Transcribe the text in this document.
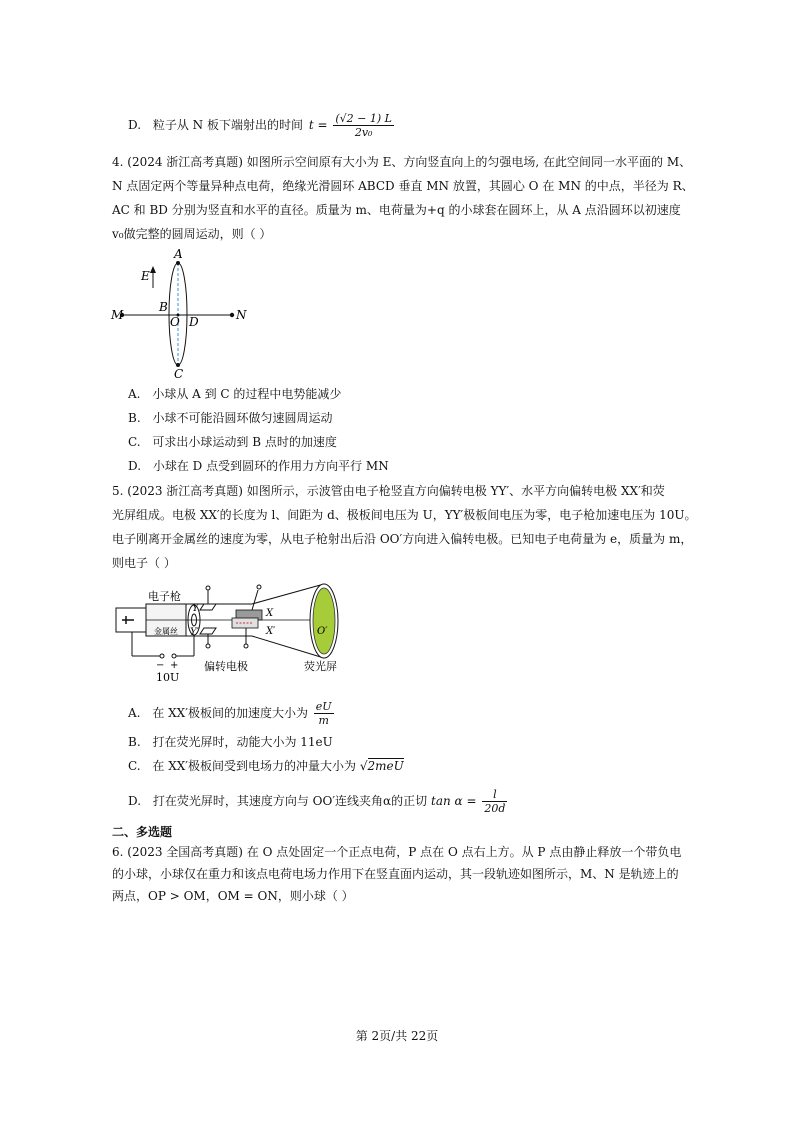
D. 粒子从 N 板下端射出的时间 $t = \frac{(√2 - 1) L}{\text{2v₀}}$
4. (2024 浙江高考真题) 如图所示空间原有大小为 E、方向竖直向上的匀强电场, 在此空间同一水平面的 M、
N 点固定两个等量异种点电荷，绝缘光滑圆环 ABCD 垂直 MN 放置，其圆心 O 在 MN 的中点，半径为 R、
AC 和 BD 分别为竖直和水平的直径。质量为 m、电荷量为+q 的小球套在圆环上，从 A 点沿圆环以初速度
v₀做完整的圆周运动，则（ ）
E
A
C
B
O D
M	N
A. 小球从 A 到 C 的过程中电势能减少
B. 小球不可能沿圆环做匀速圆周运动
C. 可求出小球运动到 B 点时的加速度
D. 小球在 D 点受到圆环的作用力方向平行 MN
5. (2023 浙江高考真题) 如图所示，示波管由电子枪竖直方向偏转电极 YY′、水平方向偏转电极 XX′和荧
光屏组成。电极 XX′的长度为 l、间距为 d、极板间电压为 U，YY′极板间电压为零，电子枪加速电压为 10U。
电子刚离开金属丝的速度为零，从电子枪射出后沿 OO′方向进入偏转电极。已知电子电荷量为 e，质量为 m，
则电子（ ）
电子枪
金属丝
Y
Y′
X
X′	O′
− +
10U
偏转电极	荧光屏
A. 在 XX′极板间的加速度大小为 $\frac{eU}{m}$
B. 打在荧光屏时，动能大小为 11eU
C. 在 XX′极板间受到电场力的冲量大小为 √2meU
D. 打在荧光屏时，其速度方向与 OO′连线夹角α的正切 $\tan \alpha = \frac{l}{20d}$
二、多选题
6. (2023 全国高考真题) 在 O 点处固定一个正点电荷，P 点在 O 点右上方。从 P 点由静止释放一个带负电
的小球，小球仅在重力和该点电荷电场力作用下在竖直面内运动，其一段轨迹如图所示，M、N 是轨迹上的
两点，OP > OM，OM = ON，则小球（ ）
第 2页/共 22页
